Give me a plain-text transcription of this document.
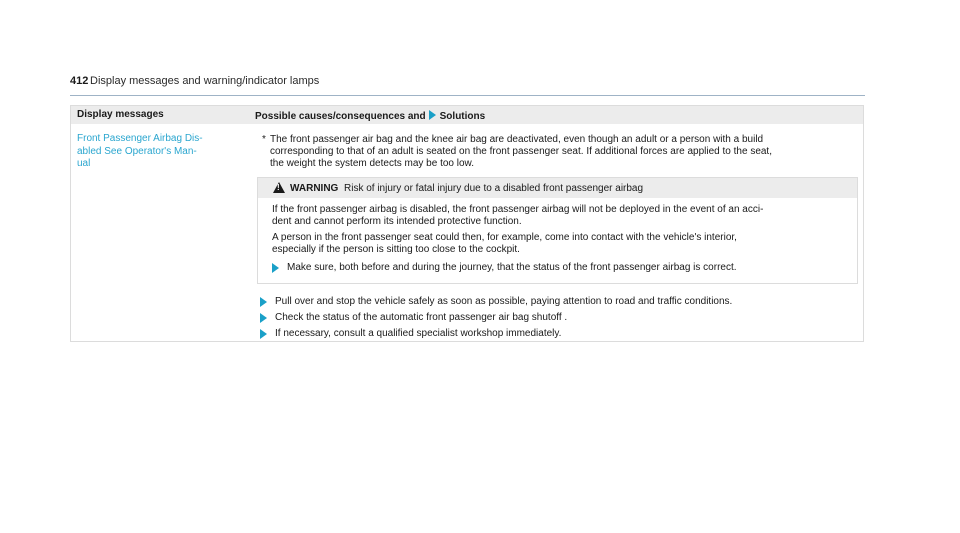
412 Display messages and warning/indicator lamps
Display messages	Possible causes/consequences and Solutions
Front Passenger Airbag Dis-
abled See Operator's Man-
ual
* The front passenger air bag and the knee air bag are deactivated, even though an adult or a person with a build
corresponding to that of an adult is seated on the front passenger seat. If additional forces are applied to the seat,
the weight the system detects may be too low.
!
WARNING Risk of injury or fatal injury due to a disabled front passenger airbag
If the front passenger airbag is disabled, the front passenger airbag will not be deployed in the event of an acci-
dent and cannot perform its intended protective function.
A person in the front passenger seat could then, for example, come into contact with the vehicle's interior,
especially if the person is sitting too close to the cockpit.
Make sure, both before and during the journey, that the status of the front passenger airbag is correct.
Pull over and stop the vehicle safely as soon as possible, paying attention to road and traffic conditions.
Check the status of the automatic front passenger air bag shutoff .
If necessary, consult a qualified specialist workshop immediately.
